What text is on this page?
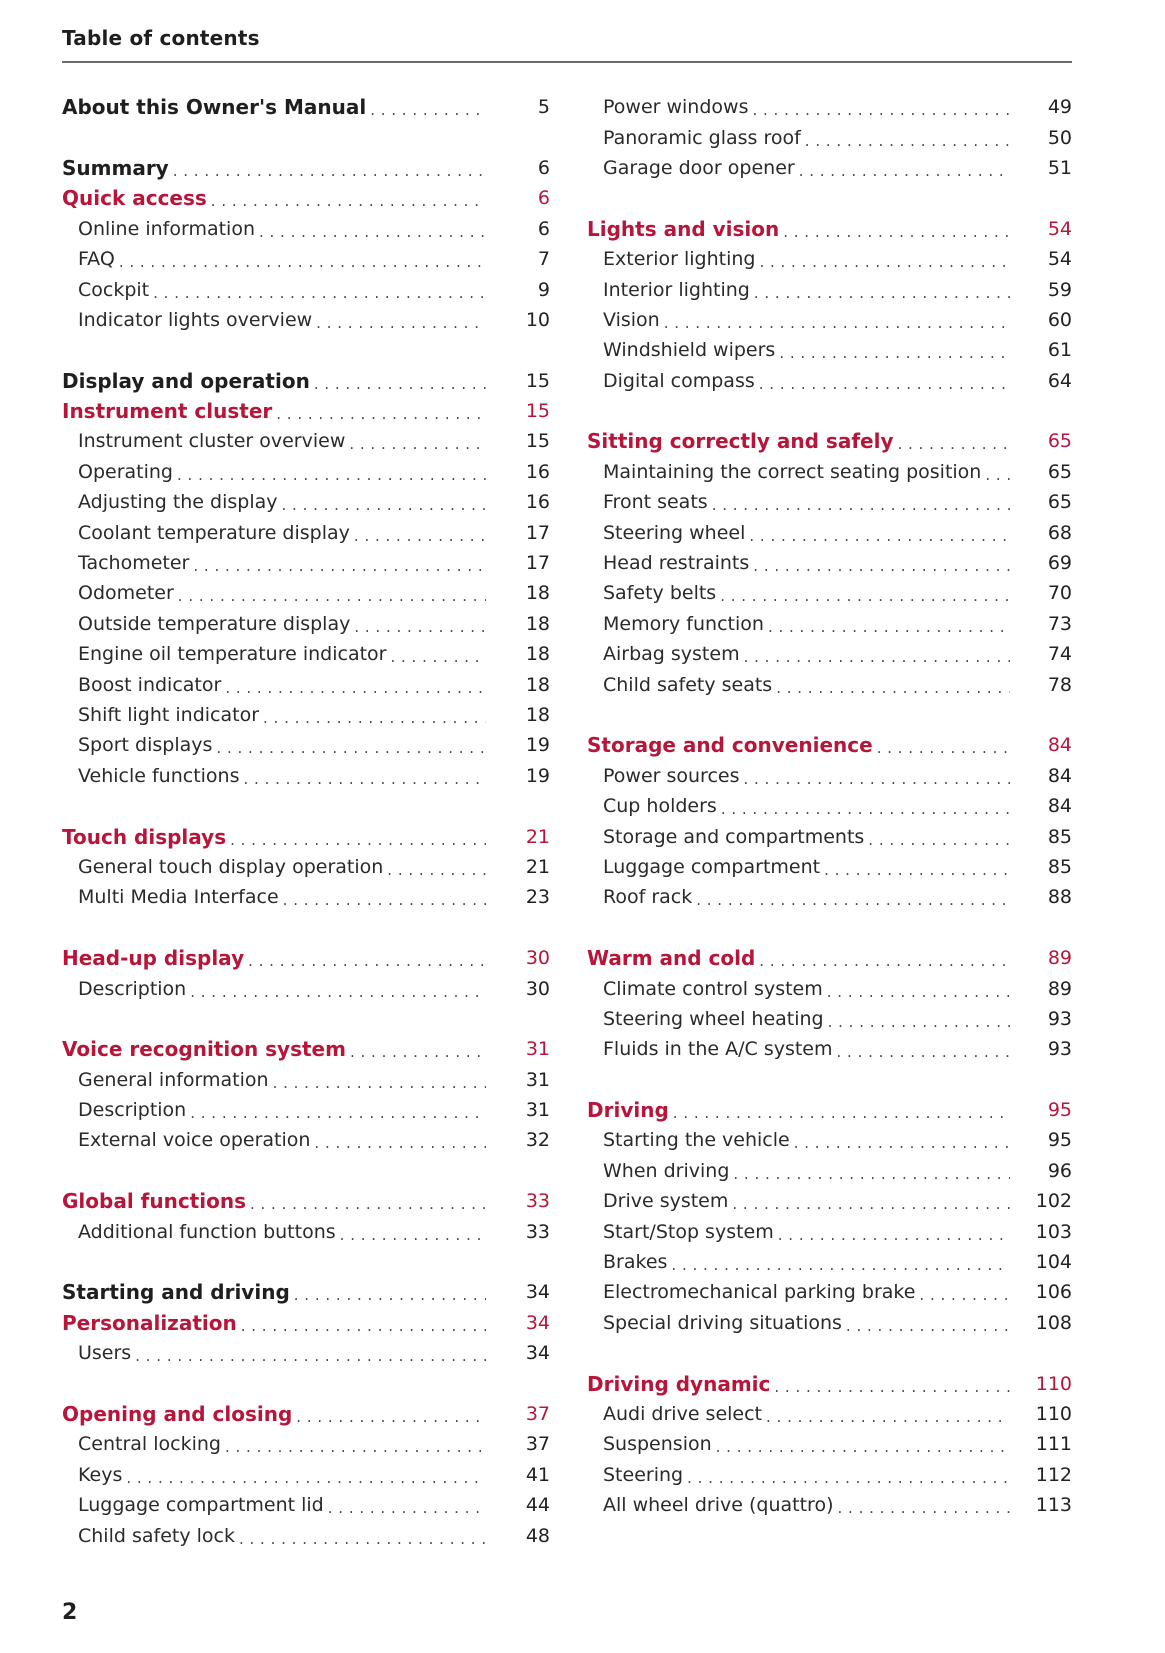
Table of contents
About this Owner's Manual . . .	5
Summary . . .	6
Quick access . . .	6
Online information . . .	6
FAQ . . .	7
Cockpit . . .	9
Indicator lights overview . . .	10
Display and operation . . .	15
Instrument cluster . . .	15
Instrument cluster overview . . .	15
Operating . . .	16
Adjusting the display . . .	16
Coolant temperature display . . .	17
Tachometer . . .	17
Odometer . . .	18
Outside temperature display . . .	18
Engine oil temperature indicator . . .	18
Boost indicator . . .	18
Shift light indicator . . .	18
Sport displays . . .	19
Vehicle functions . . .	19
Touch displays . . .	21
General touch display operation . . .	21
Multi Media Interface . . .	23
Head-up display . . .	30
Description . . .	30
Voice recognition system . . .	31
General information . . .	31
Description . . .	31
External voice operation . . .	32
Global functions . . .	33
Additional function buttons . . .	33
Starting and driving . . .	34
Personalization . . .	34
Users . . .	34
Opening and closing . . .	37
Central locking . . .	37
Keys . . .	41
Luggage compartment lid . . .	44
Child safety lock . . .	48
Power windows . . .	49
Panoramic glass roof . . .	50
Garage door opener . . .	51
Lights and vision . . .	54
Exterior lighting . . .	54
Interior lighting . . .	59
Vision . . .	60
Windshield wipers . . .	61
Digital compass . . .	64
Sitting correctly and safely . . .	65
Maintaining the correct seating position . . .	65
Front seats . . .	65
Steering wheel . . .	68
Head restraints . . .	69
Safety belts . . .	70
Memory function . . .	73
Airbag system . . .	74
Child safety seats . . .	78
Storage and convenience . . .	84
Power sources . . .	84
Cup holders . . .	84
Storage and compartments . . .	85
Luggage compartment . . .	85
Roof rack . . .	88
Warm and cold . . .	89
Climate control system . . .	89
Steering wheel heating . . .	93
Fluids in the A/C system . . .	93
Driving . . .	95
Starting the vehicle . . .	95
When driving . . .	96
Drive system . . .	102
Start/Stop system . . .	103
Brakes . . .	104
Electromechanical parking brake . . .	106
Special driving situations . . .	108
Driving dynamic . . .	110
Audi drive select . . .	110
Suspension . . .	111
Steering . . .	112
All wheel drive (quattro) . . .	113
2
